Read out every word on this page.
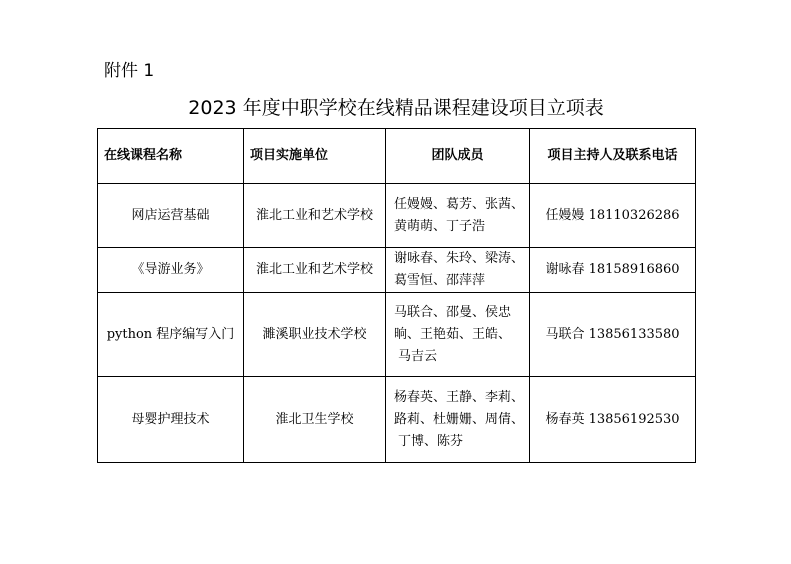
附件 1
2023 年度中职学校在线精品课程建设项目立项表
在线课程名称	项目实施单位	团队成员	项目主持人及联系电话
网店运营基础	淮北工业和艺术学校	任嫚嫚、葛芳、张茜、
黄萌萌、丁子浩	任嫚嫚 18110326286
《导游业务》	淮北工业和艺术学校	谢咏春、朱玲、梁涛、
葛雪恒、邵萍萍	谢咏春 18158916860
python 程序编写入门	濉溪职业技术学校	马联合、邵曼、侯忠
晌、王艳茹、王皓、
马吉云	马联合 13856133580
母婴护理技术	淮北卫生学校	杨春英、王静、李莉、
路莉、杜姗姗、周倩、
丁博、陈芬	杨春英 13856192530
